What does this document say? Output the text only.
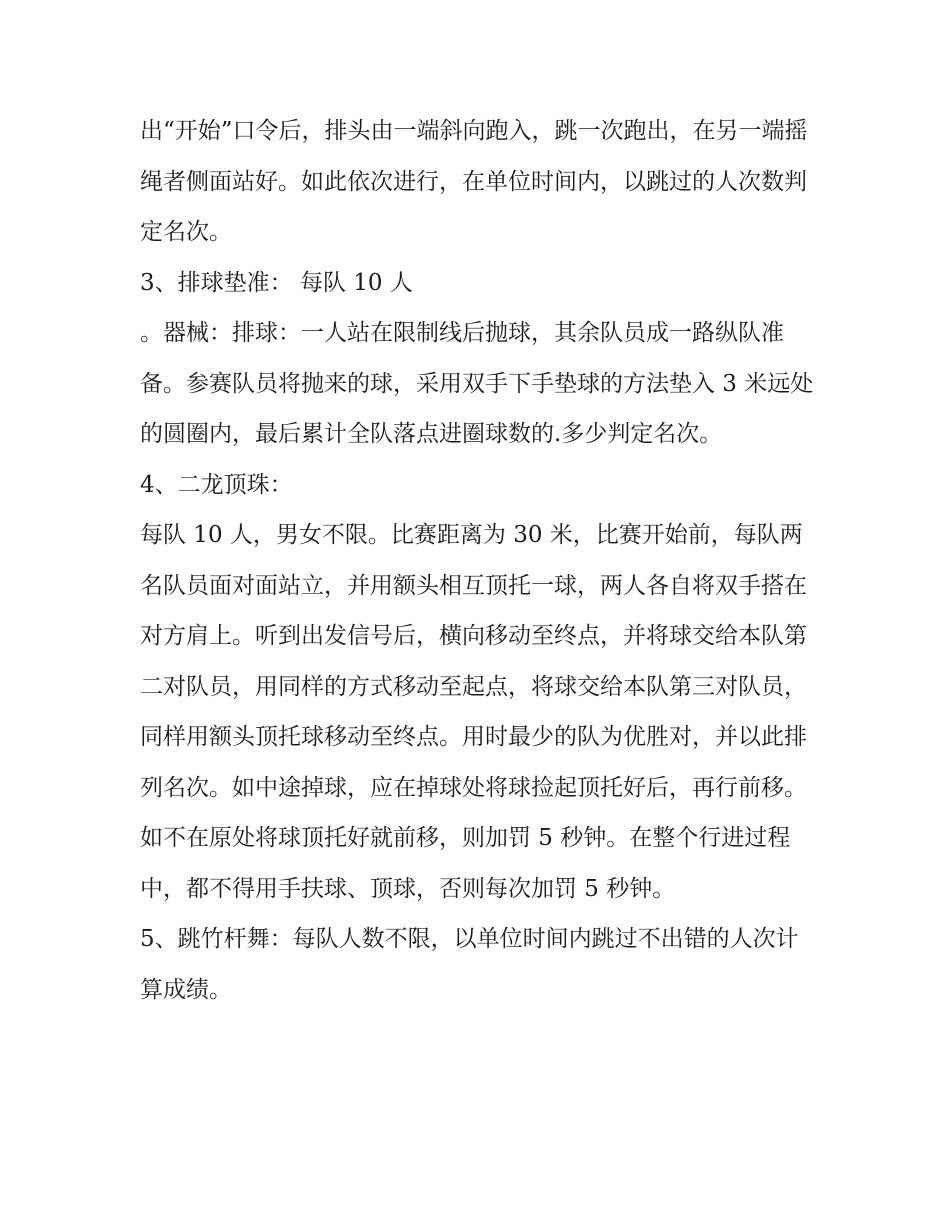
出“开始”口令后，排头由一端斜向跑入，跳一次跑出，在另一端摇绳者侧面站好。如此依次进行，在单位时间内，以跳过的人次数判定名次。

3、排球垫准： 每队 10 人

。器械：排球：一人站在限制线后抛球，其余队员成一路纵队准备。参赛队员将抛来的球，采用双手下手垫球的方法垫入 3 米远处的圆圈内，最后累计全队落点进圈球数的.多少判定名次。

4、二龙顶珠：

每队 10 人，男女不限。比赛距离为 30 米，比赛开始前，每队两名队员面对面站立，并用额头相互顶托一球，两人各自将双手搭在对方肩上。听到出发信号后，横向移动至终点，并将球交给本队第二对队员，用同样的方式移动至起点，将球交给本队第三对队员，同样用额头顶托球移动至终点。用时最少的队为优胜对，并以此排列名次。如中途掉球，应在掉球处将球捡起顶托好后，再行前移。如不在原处将球顶托好就前移，则加罚 5 秒钟。在整个行进过程中，都不得用手扶球、顶球，否则每次加罚 5 秒钟。

5、跳竹杆舞：每队人数不限，以单位时间内跳过不出错的人次计算成绩。
